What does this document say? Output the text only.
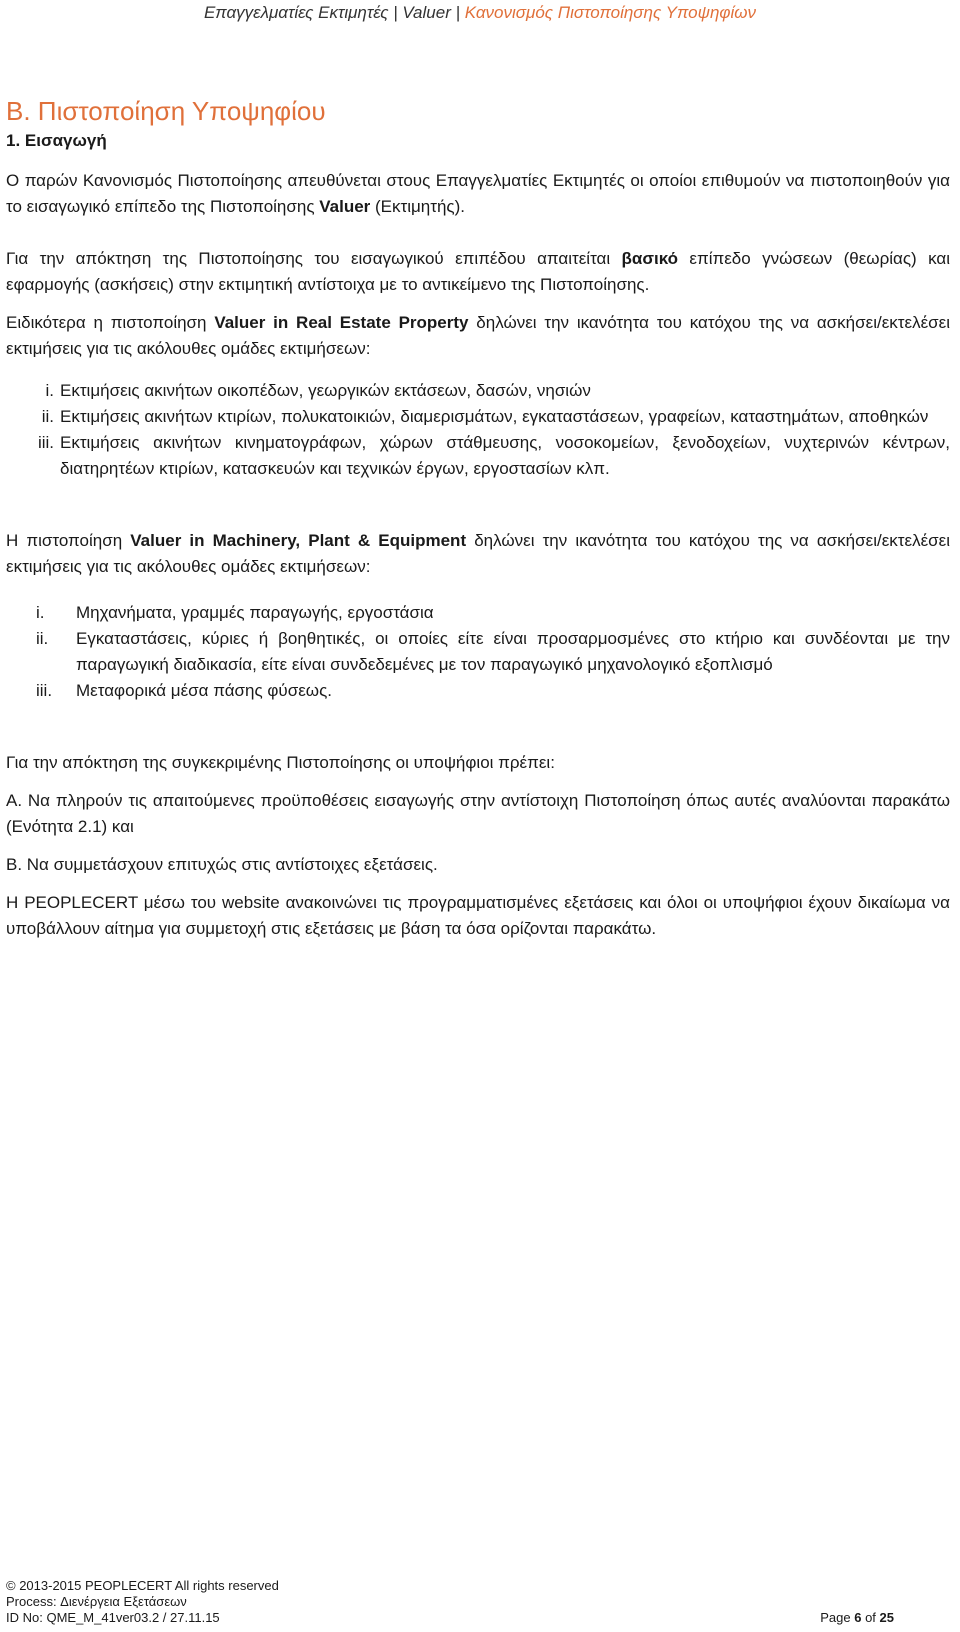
Επαγγελματίες Εκτιμητές | Valuer | Κανονισμός Πιστοποίησης Υποψηφίων
Β. Πιστοποίηση Υποψηφίου
1. Εισαγωγή

Ο παρών Κανονισμός Πιστοποίησης απευθύνεται στους Επαγγελματίες Εκτιμητές οι οποίοι επιθυμούν να πιστοποιηθούν για το εισαγωγικό επίπεδο της Πιστοποίησης Valuer (Εκτιμητής).

Για την απόκτηση της Πιστοποίησης του εισαγωγικού επιπέδου απαιτείται βασικό επίπεδο γνώσεων (θεωρίας) και εφαρμογής (ασκήσεις) στην εκτιμητική αντίστοιχα με το αντικείμενο της Πιστοποίησης.

Ειδικότερα η πιστοποίηση Valuer in Real Estate Property δηλώνει την ικανότητα του κατόχου της να ασκήσει/εκτελέσει εκτιμήσεις για τις ακόλουθες ομάδες εκτιμήσεων:

i. Εκτιμήσεις ακινήτων οικοπέδων, γεωργικών εκτάσεων, δασών, νησιών
ii. Εκτιμήσεις ακινήτων κτιρίων, πολυκατοικιών, διαμερισμάτων, εγκαταστάσεων, γραφείων, καταστημάτων, αποθηκών
iii. Εκτιμήσεις ακινήτων κινηματογράφων, χώρων στάθμευσης, νοσοκομείων, ξενοδοχείων, νυχτερινών κέντρων, διατηρητέων κτιρίων, κατασκευών και τεχνικών έργων, εργοστασίων κλπ.

Η πιστοποίηση Valuer in Machinery, Plant & Equipment δηλώνει την ικανότητα του κατόχου της να ασκήσει/εκτελέσει εκτιμήσεις για τις ακόλουθες ομάδες εκτιμήσεων:

i.	Μηχανήματα, γραμμές παραγωγής, εργοστάσια
ii.	Εγκαταστάσεις, κύριες ή βοηθητικές, οι οποίες είτε είναι προσαρμοσμένες στο κτήριο και συνδέονται με την παραγωγική διαδικασία, είτε είναι συνδεδεμένες με τον παραγωγικό μηχανολογικό εξοπλισμό
iii.	Μεταφορικά μέσα πάσης φύσεως.

Για την απόκτηση της συγκεκριμένης Πιστοποίησης οι υποψήφιοι πρέπει:

Α. Να πληρούν τις απαιτούμενες προϋποθέσεις εισαγωγής στην αντίστοιχη Πιστοποίηση όπως αυτές αναλύονται παρακάτω (Ενότητα 2.1) και

Β. Να συμμετάσχουν επιτυχώς στις αντίστοιχες εξετάσεις.

Η PEOPLECERT μέσω του website ανακοινώνει τις προγραμματισμένες εξετάσεις και όλοι οι υποψήφιοι έχουν δικαίωμα να υποβάλλουν αίτημα για συμμετοχή στις εξετάσεις με βάση τα όσα ορίζονται παρακάτω.

© 2013-2015 PEOPLECERT All rights reserved
Process: Διενέργεια Εξετάσεων
ID No: QME_M_41ver03.2 / 27.11.15	Page 6 of 25
